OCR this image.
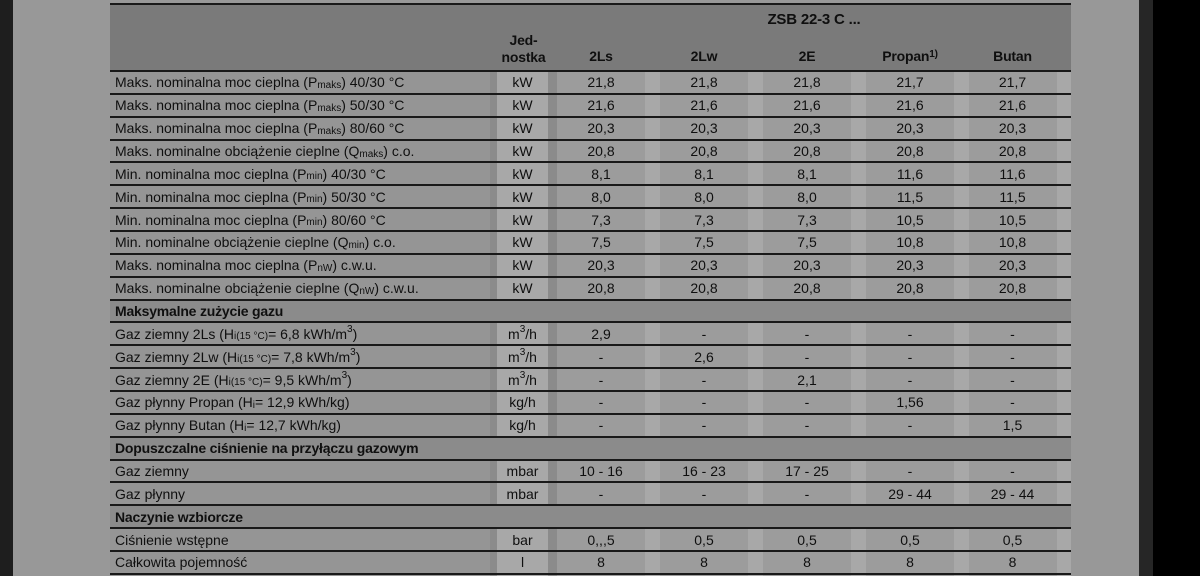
ZSB 22-3 C ...
Jed-
nostka	2Ls	2Lw	2E	Propan$^{1)}$	Butan
Maks. nominalna moc cieplna (P maks ) 40/30 °C	kW	21,8	21,8	21,8	21,7	21,7
Maks. nominalna moc cieplna (P maks ) 50/30 °C	kW	21,6	21,6	21,6	21,6	21,6
Maks. nominalna moc cieplna (P maks ) 80/60 °C	kW	20,3	20,3	20,3	20,3	20,3
Maks. nominalne obciążenie cieplne (Q maks ) c.o.	kW	20,8	20,8	20,8	20,8	20,8
Min. nominalna moc cieplna (P min ) 40/30 °C	kW	8,1	8,1	8,1	11,6	11,6
Min. nominalna moc cieplna (P min ) 50/30 °C	kW	8,0	8,0	8,0	11,5	11,5
Min. nominalna moc cieplna (P min ) 80/60 °C	kW	7,3	7,3	7,3	10,5	10,5
Min. nominalne obciążenie cieplne (Q min ) c.o.	kW	7,5	7,5	7,5	10,8	10,8
Maks. nominalna moc cieplna (P nW ) c.w.u.	kW	20,3	20,3	20,3	20,3	20,3
Maks. nominalne obciążenie cieplne (Q nW ) c.w.u.	kW	20,8	20,8	20,8	20,8	20,8
Maksymalne zużycie gazu
Gaz ziemny 2Ls (H i(15 °C) = 6,8 kWh/m 3 )	m 3 /h	2,9	-	-	-	-
Gaz ziemny 2Lw (H i(15 °C) = 7,8 kWh/m 3 )	m 3 /h	-	2,6	-	-	-
Gaz ziemny 2E (H i(15 °C) = 9,5 kWh/m 3 )	m 3 /h	-	-	2,1	-	-
Gaz płynny Propan (H i = 12,9 kWh/kg)	kg/h	-	-	-	1,56	-
Gaz płynny Butan (H i = 12,7 kWh/kg)	kg/h	-	-	-	-	1,5
Dopuszczalne ciśnienie na przyłączu gazowym
Gaz ziemny	mbar	10 - 16	16 - 23	17 - 25	-	-
Gaz płynny	mbar	-	-	-	29 - 44	29 - 44
Naczynie wzbiorcze
Ciśnienie wstępne	bar	0,,,5	0,5	0,5	0,5	0,5
Całkowita pojemność	l	8	8	8	8	8
